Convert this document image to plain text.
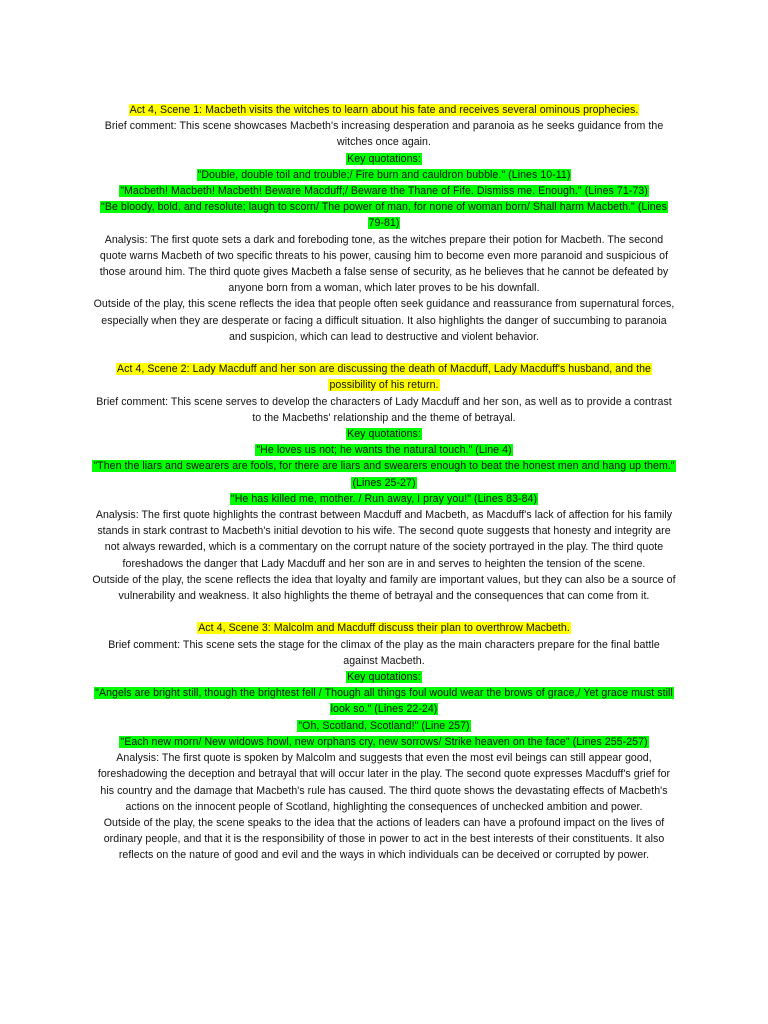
Act 4, Scene 1: Macbeth visits the witches to learn about his fate and receives several ominous prophecies.
Brief comment: This scene showcases Macbeth's increasing desperation and paranoia as he seeks guidance from the witches once again.
Key quotations:
"Double, double toil and trouble;/ Fire burn and cauldron bubble." (Lines 10-11)
"Macbeth! Macbeth! Macbeth! Beware Macduff;/ Beware the Thane of Fife. Dismiss me. Enough." (Lines 71-73)
"Be bloody, bold, and resolute; laugh to scorn/ The power of man, for none of woman born/ Shall harm Macbeth." (Lines 79-81)
Analysis: The first quote sets a dark and foreboding tone, as the witches prepare their potion for Macbeth. The second quote warns Macbeth of two specific threats to his power, causing him to become even more paranoid and suspicious of those around him. The third quote gives Macbeth a false sense of security, as he believes that he cannot be defeated by anyone born from a woman, which later proves to be his downfall.
Outside of the play, this scene reflects the idea that people often seek guidance and reassurance from supernatural forces, especially when they are desperate or facing a difficult situation. It also highlights the danger of succumbing to paranoia and suspicion, which can lead to destructive and violent behavior.
Act 4, Scene 2: Lady Macduff and her son are discussing the death of Macduff, Lady Macduff's husband, and the possibility of his return.
Brief comment: This scene serves to develop the characters of Lady Macduff and her son, as well as to provide a contrast to the Macbeths' relationship and the theme of betrayal.
Key quotations:
"He loves us not; he wants the natural touch." (Line 4)
"Then the liars and swearers are fools, for there are liars and swearers enough to beat the honest men and hang up them." (Lines 25-27)
"He has killed me, mother. / Run away, I pray you!" (Lines 83-84)
Analysis: The first quote highlights the contrast between Macduff and Macbeth, as Macduff's lack of affection for his family stands in stark contrast to Macbeth's initial devotion to his wife. The second quote suggests that honesty and integrity are not always rewarded, which is a commentary on the corrupt nature of the society portrayed in the play. The third quote foreshadows the danger that Lady Macduff and her son are in and serves to heighten the tension of the scene.
Outside of the play, the scene reflects the idea that loyalty and family are important values, but they can also be a source of vulnerability and weakness. It also highlights the theme of betrayal and the consequences that can come from it.
Act 4, Scene 3: Malcolm and Macduff discuss their plan to overthrow Macbeth.
Brief comment: This scene sets the stage for the climax of the play as the main characters prepare for the final battle against Macbeth.
Key quotations:
"Angels are bright still, though the brightest fell / Though all things foul would wear the brows of grace,/ Yet grace must still look so." (Lines 22-24)
"Oh, Scotland, Scotland!" (Line 257)
"Each new morn/ New widows howl, new orphans cry, new sorrows/ Strike heaven on the face" (Lines 255-257)
Analysis: The first quote is spoken by Malcolm and suggests that even the most evil beings can still appear good, foreshadowing the deception and betrayal that will occur later in the play. The second quote expresses Macduff's grief for his country and the damage that Macbeth's rule has caused. The third quote shows the devastating effects of Macbeth's actions on the innocent people of Scotland, highlighting the consequences of unchecked ambition and power.
Outside of the play, the scene speaks to the idea that the actions of leaders can have a profound impact on the lives of ordinary people, and that it is the responsibility of those in power to act in the best interests of their constituents. It also reflects on the nature of good and evil and the ways in which individuals can be deceived or corrupted by power.
